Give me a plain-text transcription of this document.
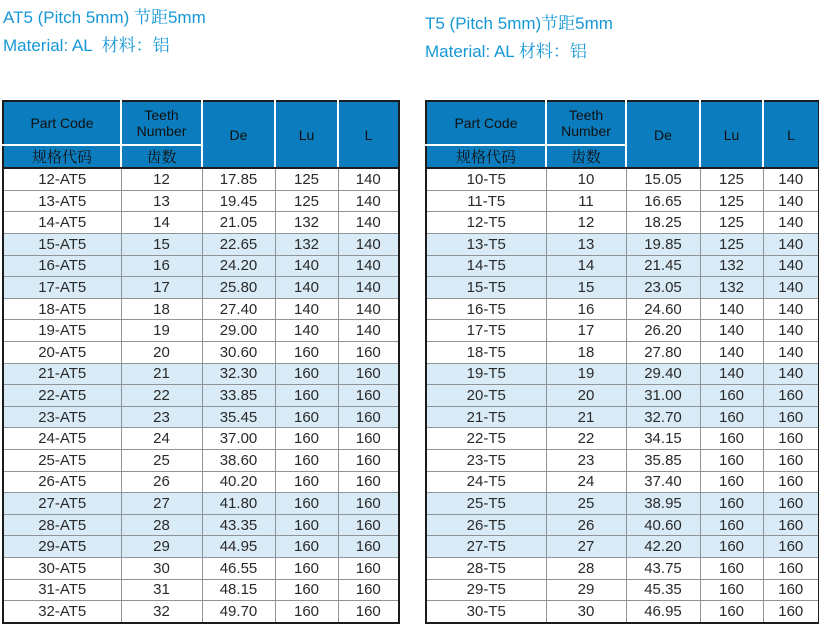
AT5 (Pitch 5mm) 节距5mm
Material: AL  材料：铝
T5 (Pitch 5mm)节距5mm
Material: AL 材料：铝
Part Code	Teeth Number	De	Lu	L
规格代码	齿数			
12-AT5	12	17.85	125	140
13-AT5	13	19.45	125	140
14-AT5	14	21.05	132	140
15-AT5	15	22.65	132	140
16-AT5	16	24.20	140	140
17-AT5	17	25.80	140	140
18-AT5	18	27.40	140	140
19-AT5	19	29.00	140	140
20-AT5	20	30.60	160	160
21-AT5	21	32.30	160	160
22-AT5	22	33.85	160	160
23-AT5	23	35.45	160	160
24-AT5	24	37.00	160	160
25-AT5	25	38.60	160	160
26-AT5	26	40.20	160	160
27-AT5	27	41.80	160	160
28-AT5	28	43.35	160	160
29-AT5	29	44.95	160	160
30-AT5	30	46.55	160	160
31-AT5	31	48.15	160	160
32-AT5	32	49.70	160	160
Part Code	Teeth Number	De	Lu	L
规格代码	齿数			
10-T5	10	15.05	125	140
11-T5	11	16.65	125	140
12-T5	12	18.25	125	140
13-T5	13	19.85	125	140
14-T5	14	21.45	132	140
15-T5	15	23.05	132	140
16-T5	16	24.60	140	140
17-T5	17	26.20	140	140
18-T5	18	27.80	140	140
19-T5	19	29.40	140	140
20-T5	20	31.00	160	160
21-T5	21	32.70	160	160
22-T5	22	34.15	160	160
23-T5	23	35.85	160	160
24-T5	24	37.40	160	160
25-T5	25	38.95	160	160
26-T5	26	40.60	160	160
27-T5	27	42.20	160	160
28-T5	28	43.75	160	160
29-T5	29	45.35	160	160
30-T5	30	46.95	160	160
